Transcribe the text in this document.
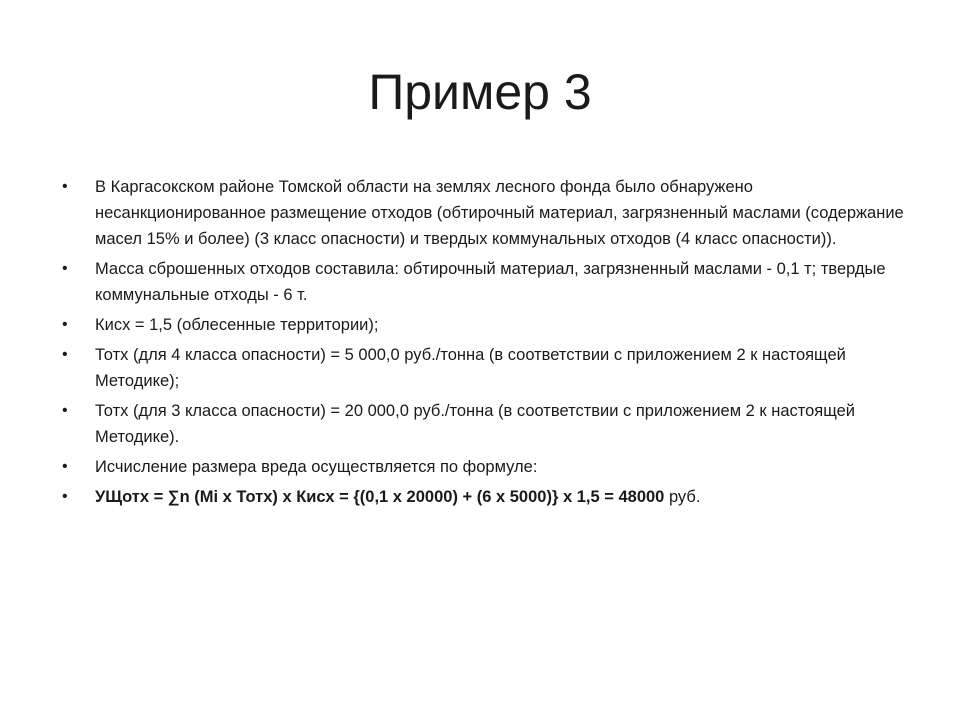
Пример 3
• В Каргасокском районе Томской области на землях лесного фонда было обнаружено несанкционированное размещение отходов (обтирочный материал, загрязненный маслами (содержание масел 15% и более) (3 класс опасности) и твердых коммунальных отходов (4 класс опасности)).
• Масса сброшенных отходов составила: обтирочный материал, загрязненный маслами - 0,1 т; твердые коммунальные отходы - 6 т.
• Кисх = 1,5 (облесенные территории);
• Тотх (для 4 класса опасности) = 5 000,0 руб./тонна (в соответствии с приложением 2 к настоящей Методике);
• Тотх (для 3 класса опасности) = 20 000,0 руб./тонна (в соответствии с приложением 2 к настоящей Методике).
• Исчисление размера вреда осуществляется по формуле:
• УЩотх = ∑n (Mi x Тотх) x Кисх = {(0,1 x 20000) + (6 x 5000)} x 1,5 = 48000 руб.
